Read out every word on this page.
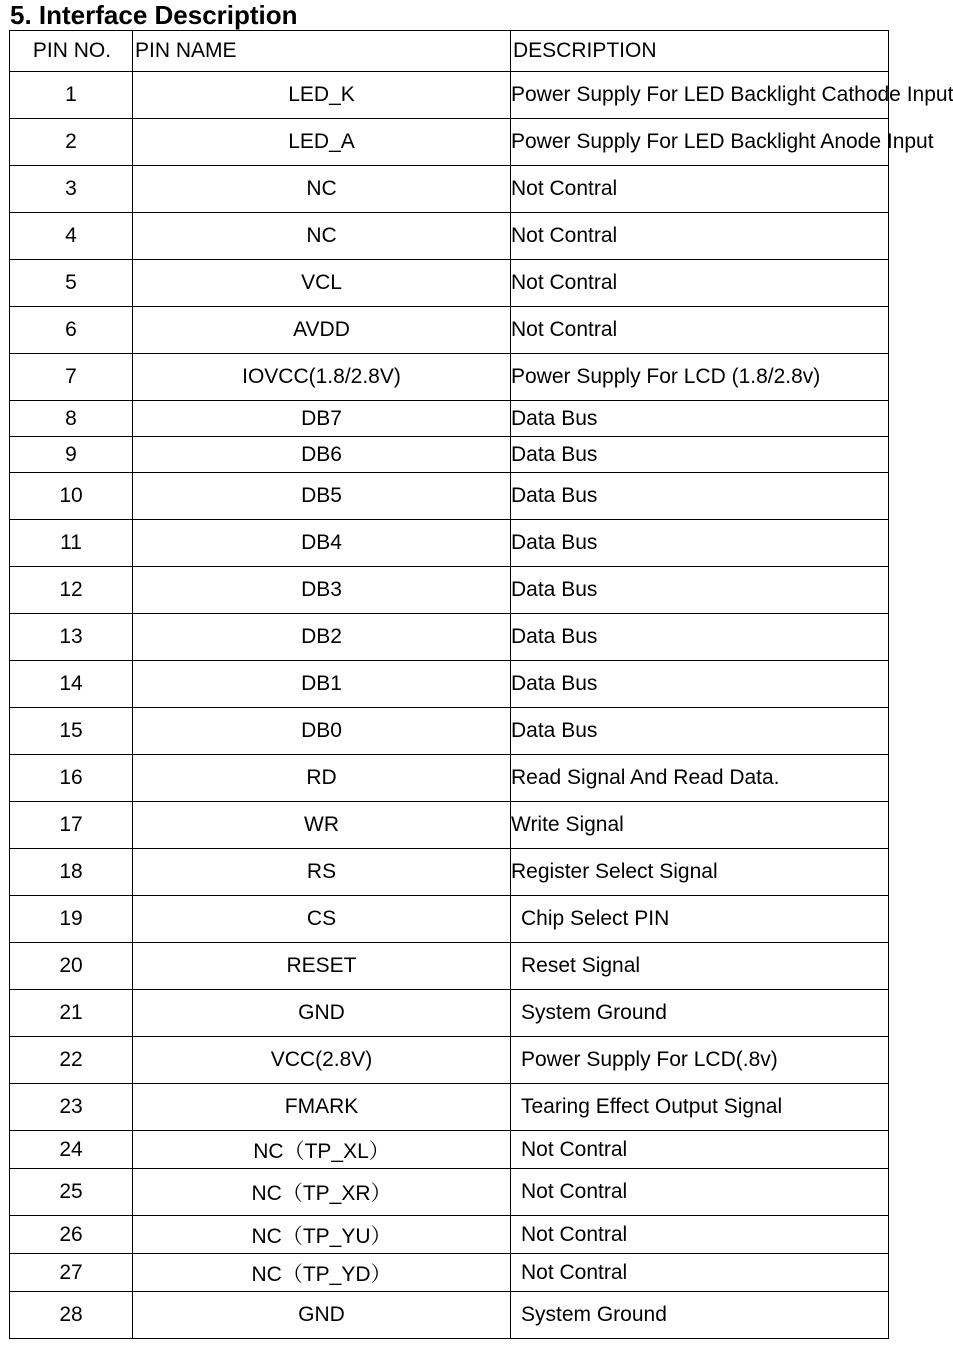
5. Interface Description
PIN NO.	PIN NAME	DESCRIPTION
1	LED_K	Power Supply For LED Backlight Cathode Input
2	LED_A	Power Supply For LED Backlight Anode Input
3	NC	Not Contral
4	NC	Not Contral
5	VCL	Not Contral
6	AVDD	Not Contral
7	IOVCC(1.8/2.8V)	Power Supply For LCD (1.8/2.8v)
8	DB7	Data Bus
9	DB6	Data Bus
10	DB5	Data Bus
11	DB4	Data Bus
12	DB3	Data Bus
13	DB2	Data Bus
14	DB1	Data Bus
15	DB0	Data Bus
16	RD	Read Signal And Read Data.
17	WR	Write Signal
18	RS	Register Select Signal
19	CS	Chip Select PIN
20	RESET	Reset Signal
21	GND	System Ground
22	VCC(2.8V)	Power Supply For LCD(.8v)
23	FMARK	Tearing Effect Output Signal
24	NC（TP_XL）	Not Contral
25	NC（TP_XR）	Not Contral
26	NC（TP_YU）	Not Contral
27	NC（TP_YD）	Not Contral
28	GND	System Ground
